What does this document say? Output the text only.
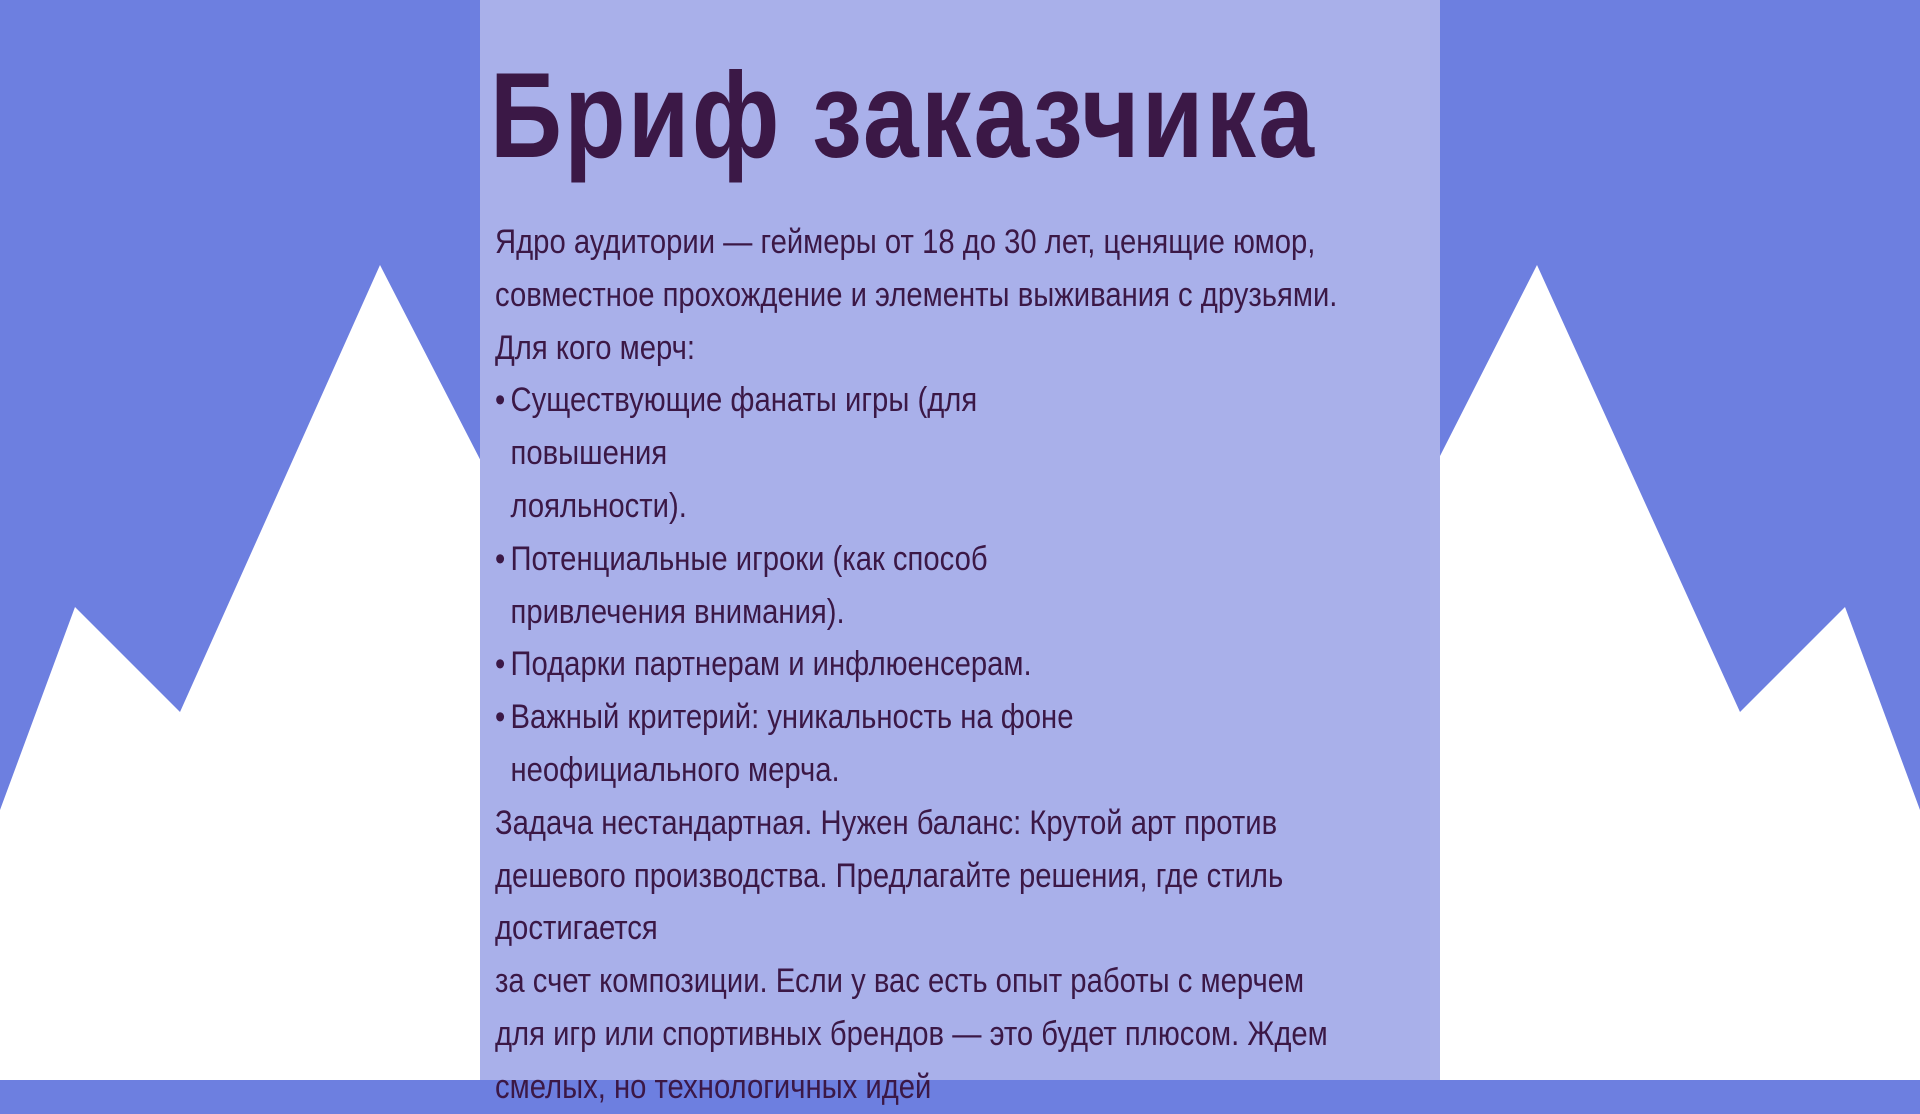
Бриф заказчика
Ядро аудитории — геймеры от 18 до 30 лет, ценящие юмор,
совместное прохождение и элементы выживания с друзьями.
Для кого мерч:
• Существующие фанаты игры (для повышения
лояльности).
• Потенциальные игроки (как способ
привлечения внимания).
• Подарки партнерам и инфлюенсерам.
• Важный критерий: уникальность на фоне
неофициального мерча.
Задача нестандартная. Нужен баланс: Крутой арт против
дешевого производства. Предлагайте решения, где стиль
достигается
за счет композиции. Если у вас есть опыт работы с мерчем
для игр или спортивных брендов — это будет плюсом. Ждем
смелых, но технологичных идей
